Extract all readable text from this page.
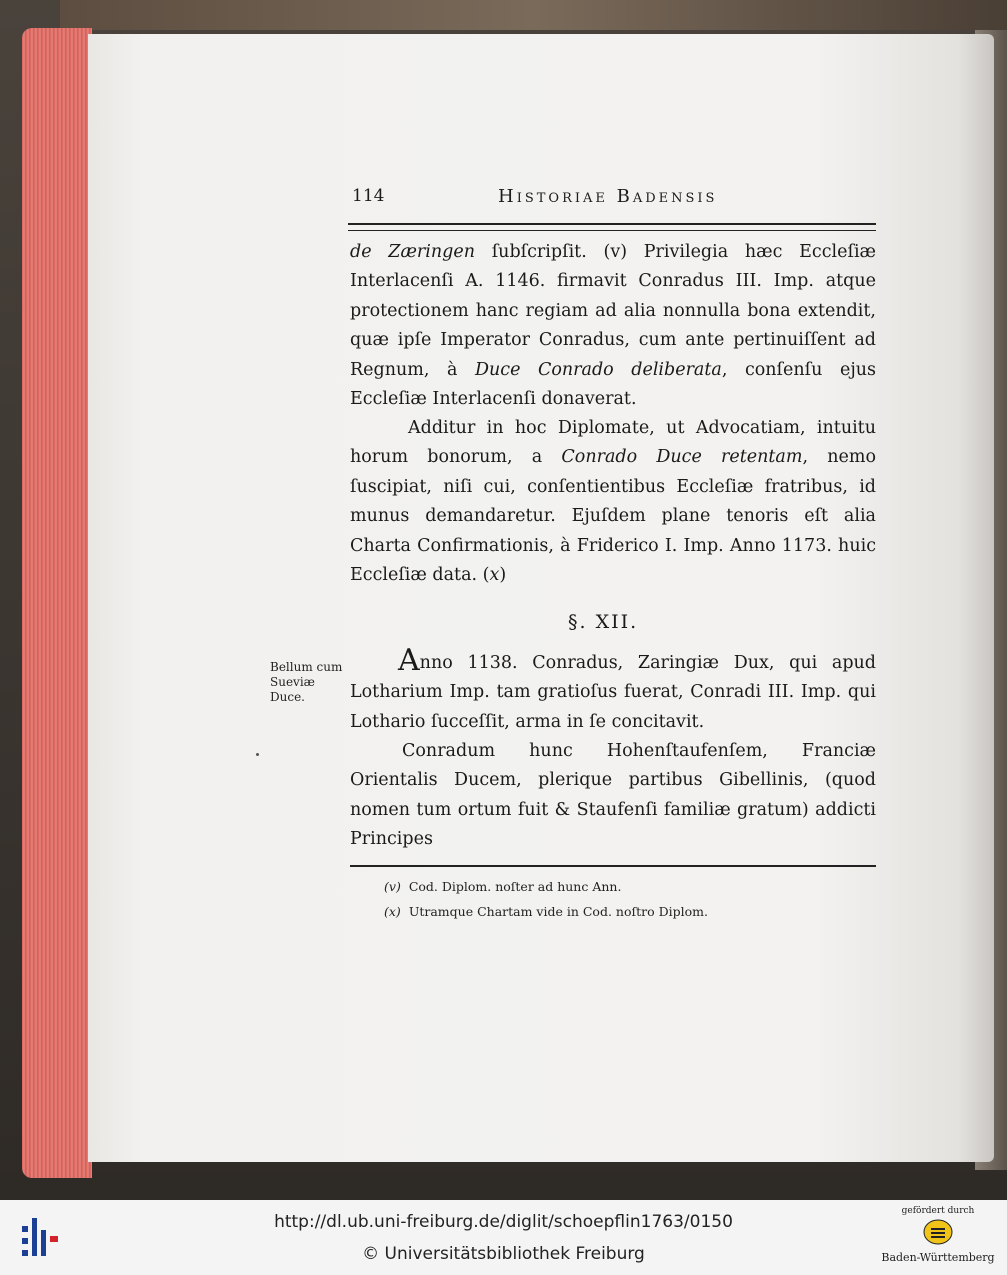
114	Historiae Badensis

de Zæringen ſubſcripſit. (v) Privilegia hæc Eccleſiæ Interlacenſi A. 1146. firmavit Conradus III. Imp. atque protectionem hanc regiam ad alia nonnulla bona extendit, quæ ipſe Imperator Conradus, cum ante pertinuiſſent ad Regnum, à Duce Conrado deliberata, conſenſu ejus Eccleſiæ Interlacenſi donaverat.

Additur in hoc Diplomate, ut Advocatiam, intuitu horum bonorum, a Conrado Duce retentam, nemo ſuscipiat, niſi cui, conſentientibus Eccleſiæ fratribus, id munus demandaretur. Ejuſdem plane tenoris eſt alia Charta Confirmationis, à Friderico I. Imp. Anno 1173. huic Eccleſiæ data. (x)

§. XII.
Bellum cum Sueviæ Duce.

Anno 1138. Conradus, Zaringiæ Dux, qui apud Lotharium Imp. tam gratioſus fuerat, Conradi III. Imp. qui Lothario ſucceſſit, arma in ſe concitavit.

Conradum hunc Hohenſtaufenſem, Franciæ Orientalis Ducem, plerique partibus Gibellinis, (quod nomen tum ortum fuit & Staufenſi familiæ gratum) addicti Principes

(v) Cod. Diplom. noſter ad hunc Ann.
(x) Utramque Chartam vide in Cod. noſtro Diplom.
http://dl.ub.uni-freiburg.de/diglit/schoepflin1763/0150
© Universitätsbibliothek Freiburg
gefördert durch
Baden-Württemberg
